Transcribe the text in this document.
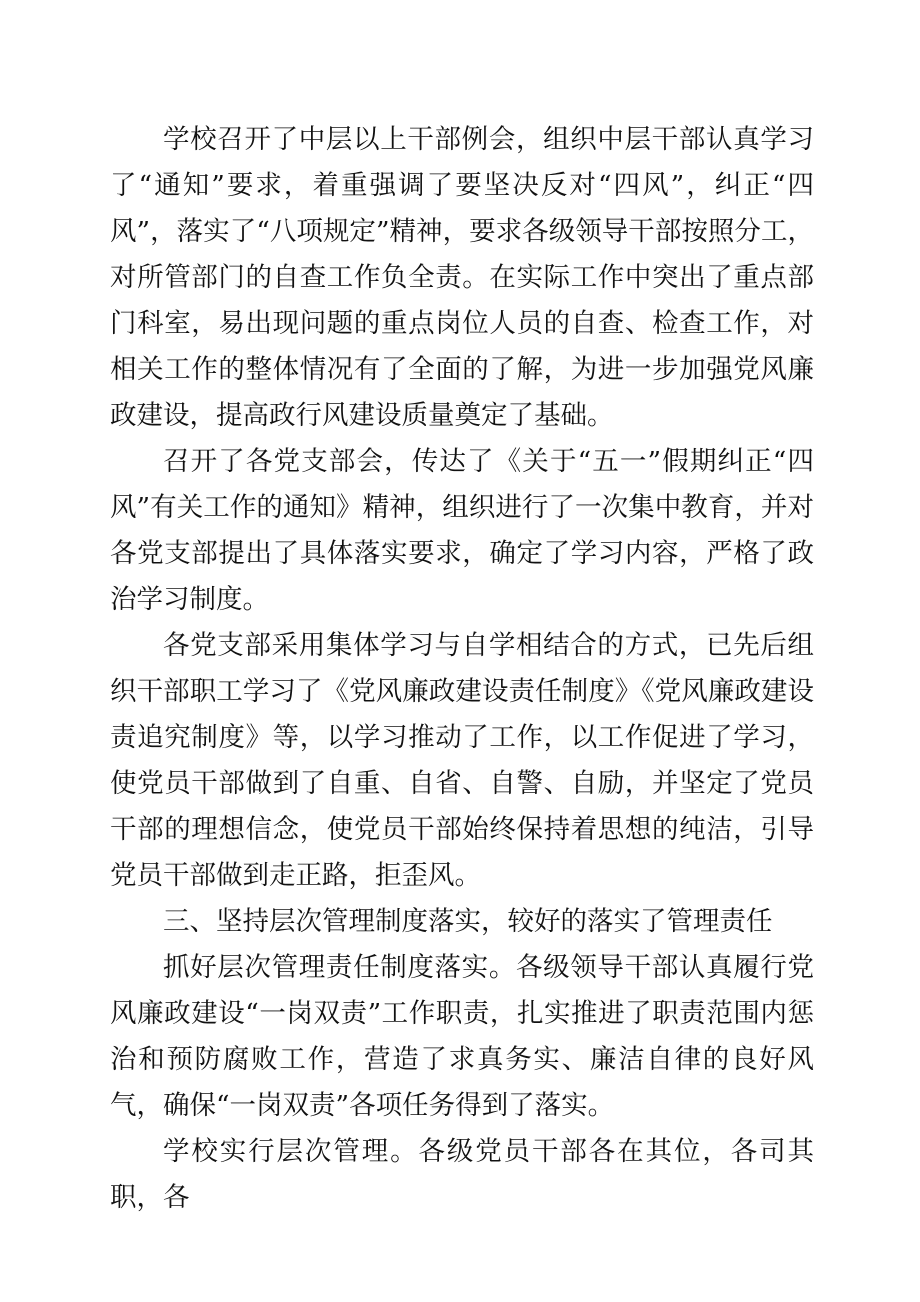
学校召开了中层以上干部例会，组织中层干部认真学习了“通知”要求，着重强调了要坚决反对“四风”，纠正“四风”，落实了“八项规定”精神，要求各级领导干部按照分工，对所管部门的自查工作负全责。在实际工作中突出了重点部门科室，易出现问题的重点岗位人员的自查、检查工作，对相关工作的整体情况有了全面的了解，为进一步加强党风廉政建设，提高政行风建设质量奠定了基础。

召开了各党支部会，传达了《关于“五一”假期纠正“四风”有关工作的通知》精神，组织进行了一次集中教育，并对各党支部提出了具体落实要求，确定了学习内容，严格了政治学习制度。

各党支部采用集体学习与自学相结合的方式，已先后组织干部职工学习了《党风廉政建设责任制度》《党风廉政建设责追究制度》等，以学习推动了工作，以工作促进了学习，使党员干部做到了自重、自省、自警、自励，并坚定了党员干部的理想信念，使党员干部始终保持着思想的纯洁，引导党员干部做到走正路，拒歪风。

三、坚持层次管理制度落实，较好的落实了管理责任

抓好层次管理责任制度落实。各级领导干部认真履行党风廉政建设“一岗双责”工作职责，扎实推进了职责范围内惩治和预防腐败工作，营造了求真务实、廉洁自律的良好风气，确保“一岗双责”各项任务得到了落实。

学校实行层次管理。各级党员干部各在其位，各司其职，各
